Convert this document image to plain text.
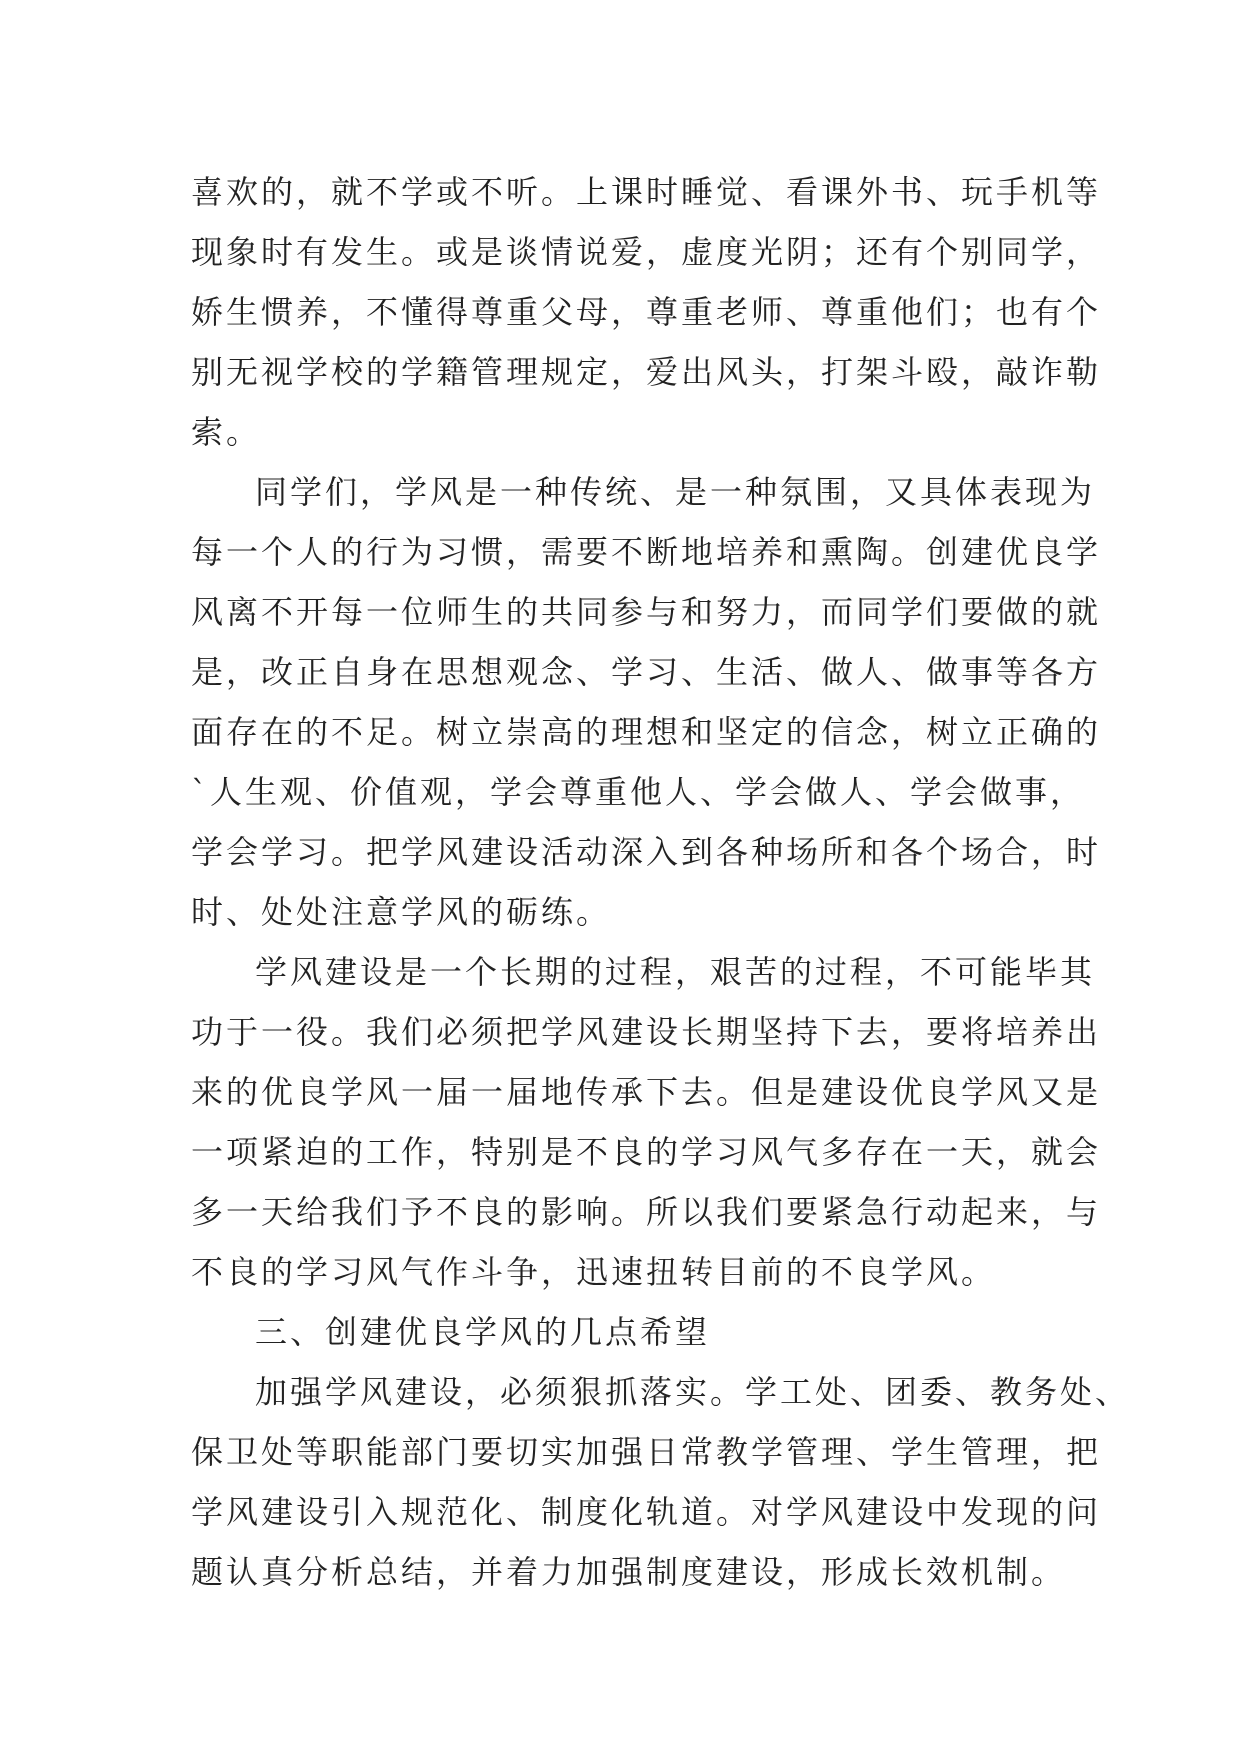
喜欢的，就不学或不听。上课时睡觉、看课外书、玩手机等
现象时有发生。或是谈情说爱，虚度光阴；还有个别同学，
娇生惯养，不懂得尊重父母，尊重老师、尊重他们；也有个
别无视学校的学籍管理规定，爱出风头，打架斗殴，敲诈勒
索。
同学们，学风是一种传统、是一种氛围，又具体表现为
每一个人的行为习惯，需要不断地培养和熏陶。创建优良学
风离不开每一位师生的共同参与和努力，而同学们要做的就
是，改正自身在思想观念、学习、生活、做人、做事等各方
面存在的不足。树立崇高的理想和坚定的信念，树立正确的
`人生观、价值观，学会尊重他人、学会做人、学会做事，
学会学习。把学风建设活动深入到各种场所和各个场合，时
时、处处注意学风的砺练。
学风建设是一个长期的过程，艰苦的过程，不可能毕其
功于一役。我们必须把学风建设长期坚持下去，要将培养出
来的优良学风一届一届地传承下去。但是建设优良学风又是
一项紧迫的工作，特别是不良的学习风气多存在一天，就会
多一天给我们予不良的影响。所以我们要紧急行动起来，与
不良的学习风气作斗争，迅速扭转目前的不良学风。
三、创建优良学风的几点希望
加强学风建设，必须狠抓落实。学工处、团委、教务处、
保卫处等职能部门要切实加强日常教学管理、学生管理，把
学风建设引入规范化、制度化轨道。对学风建设中发现的问
题认真分析总结，并着力加强制度建设，形成长效机制。
